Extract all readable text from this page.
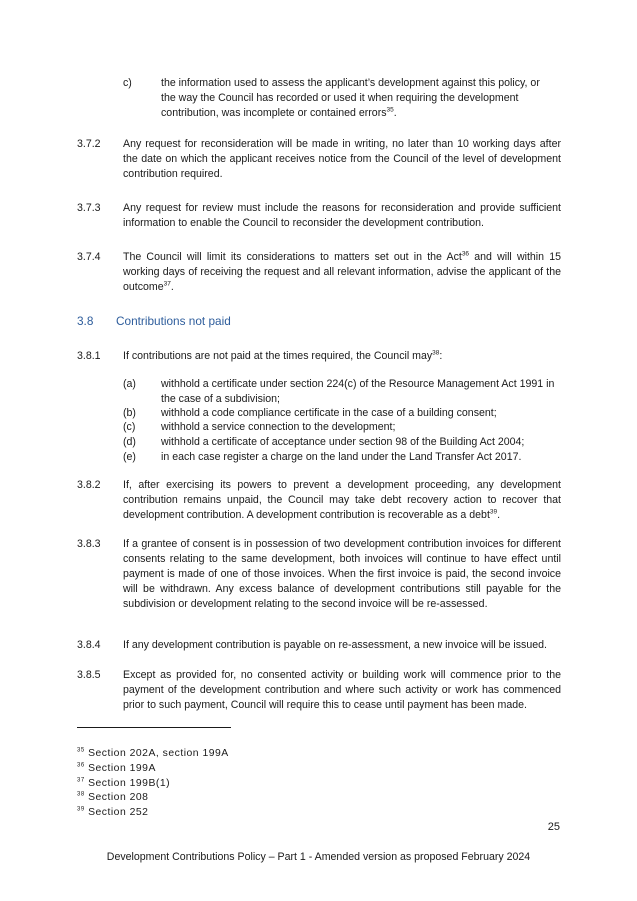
c)	the information used to assess the applicant’s development against this policy, or
the way the Council has recorded or used it when requiring the development
contribution, was incomplete or contained errors$^{35}$.
3.7.2 Any request for reconsideration will be made in writing, no later than 10 working days after the date on which the applicant receives notice from the Council of the level of development contribution required.
3.7.3 Any request for review must include the reasons for reconsideration and provide sufficient information to enable the Council to reconsider the development contribution.
3.7.4 The Council will limit its considerations to matters set out in the Act$^{36}$ and will within 15 working days of receiving the request and all relevant information, advise the applicant of the outcome$^{37}$.
3.8 Contributions not paid
3.8.1 If contributions are not paid at the times required, the Council may$^{38}$:
(a) withhold a certificate under section 224(c) of the Resource Management Act 1991 in the case of a subdivision;
(b) withhold a code compliance certificate in the case of a building consent;
(c) withhold a service connection to the development;
(d) withhold a certificate of acceptance under section 98 of the Building Act 2004;
(e) in each case register a charge on the land under the Land Transfer Act 2017.
3.8.2 If, after exercising its powers to prevent a development proceeding, any development contribution remains unpaid, the Council may take debt recovery action to recover that development contribution. A development contribution is recoverable as a debt$^{39}$.
3.8.3 If a grantee of consent is in possession of two development contribution invoices for different consents relating to the same development, both invoices will continue to have effect until payment is made of one of those invoices. When the first invoice is paid, the second invoice will be withdrawn. Any excess balance of development contributions still payable for the subdivision or development relating to the second invoice will be re-assessed.
3.8.4 If any development contribution is payable on re-assessment, a new invoice will be issued.
3.8.5 Except as provided for, no consented activity or building work will commence prior to the payment of the development contribution and where such activity or work has commenced prior to such payment, Council will require this to cease until payment has been made.
$^{35}$ Section 202A, section 199A
$^{36}$ Section 199A
$^{37}$ Section 199B(1)
$^{38}$ Section 208
$^{39}$ Section 252
25
Development Contributions Policy – Part 1 - Amended version as proposed February 2024
